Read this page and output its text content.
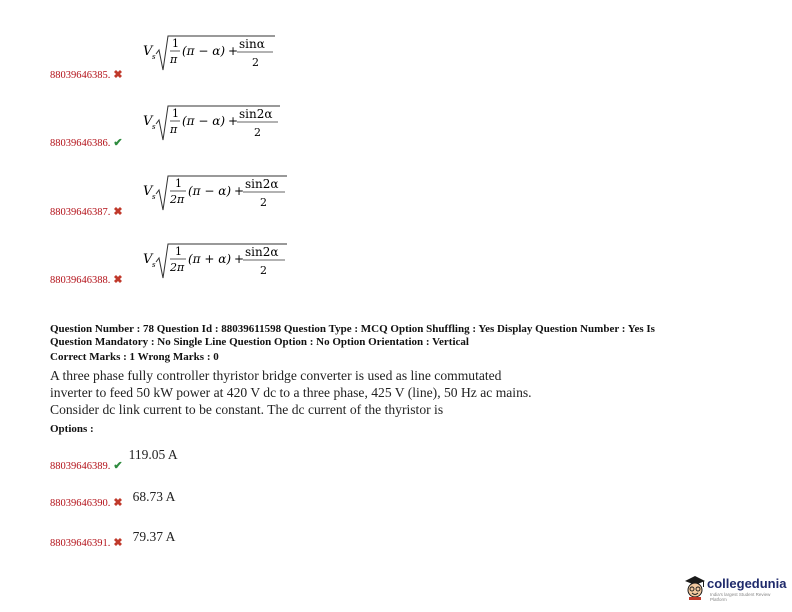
V s
1
π
(π − α) + sinα
2
88039646385. ✖
V s
1
π
(π − α) + sin2α
2
88039646386. ✔
V s
1
2π
(π − α) + sin2α
2
88039646387. ✖
V s
1
2π
(π + α) + sin2α
2
88039646388. ✖
Question Number : 78 Question Id : 88039611598 Question Type : MCQ Option Shuffling : Yes Display Question Number : Yes Is
Question Mandatory : No Single Line Question Option : No Option Orientation : Vertical
Correct Marks : 1 Wrong Marks : 0
A three phase fully controller thyristor bridge converter is used as line commutated
inverter to feed 50 kW power at 420 V dc to a three phase, 425 V (line), 50 Hz ac mains.
Consider dc link current to be constant. The dc current of the thyristor is
Options :
$_{88039646389.}$ $_✔$ 119.05 A
$_{88039646390.}$ $_✖$ 68.73 A
$_{88039646391.}$ $_✖$ 79.37 A
collegedunia
India's largest Student Review Platform
